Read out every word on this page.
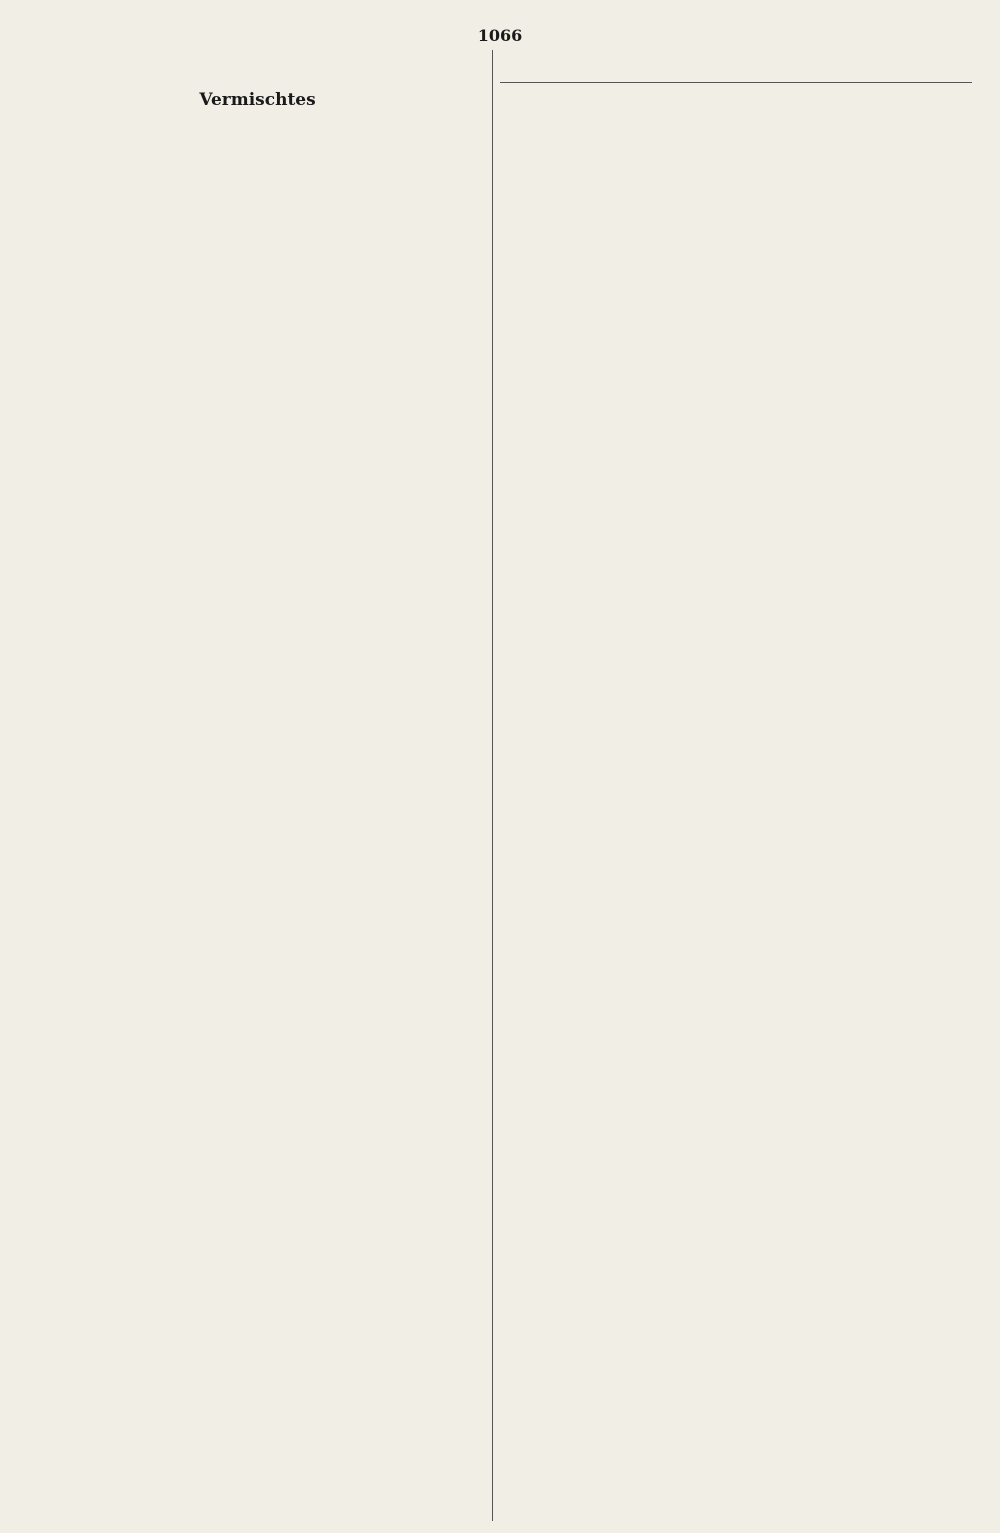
1066
Vermischtes
